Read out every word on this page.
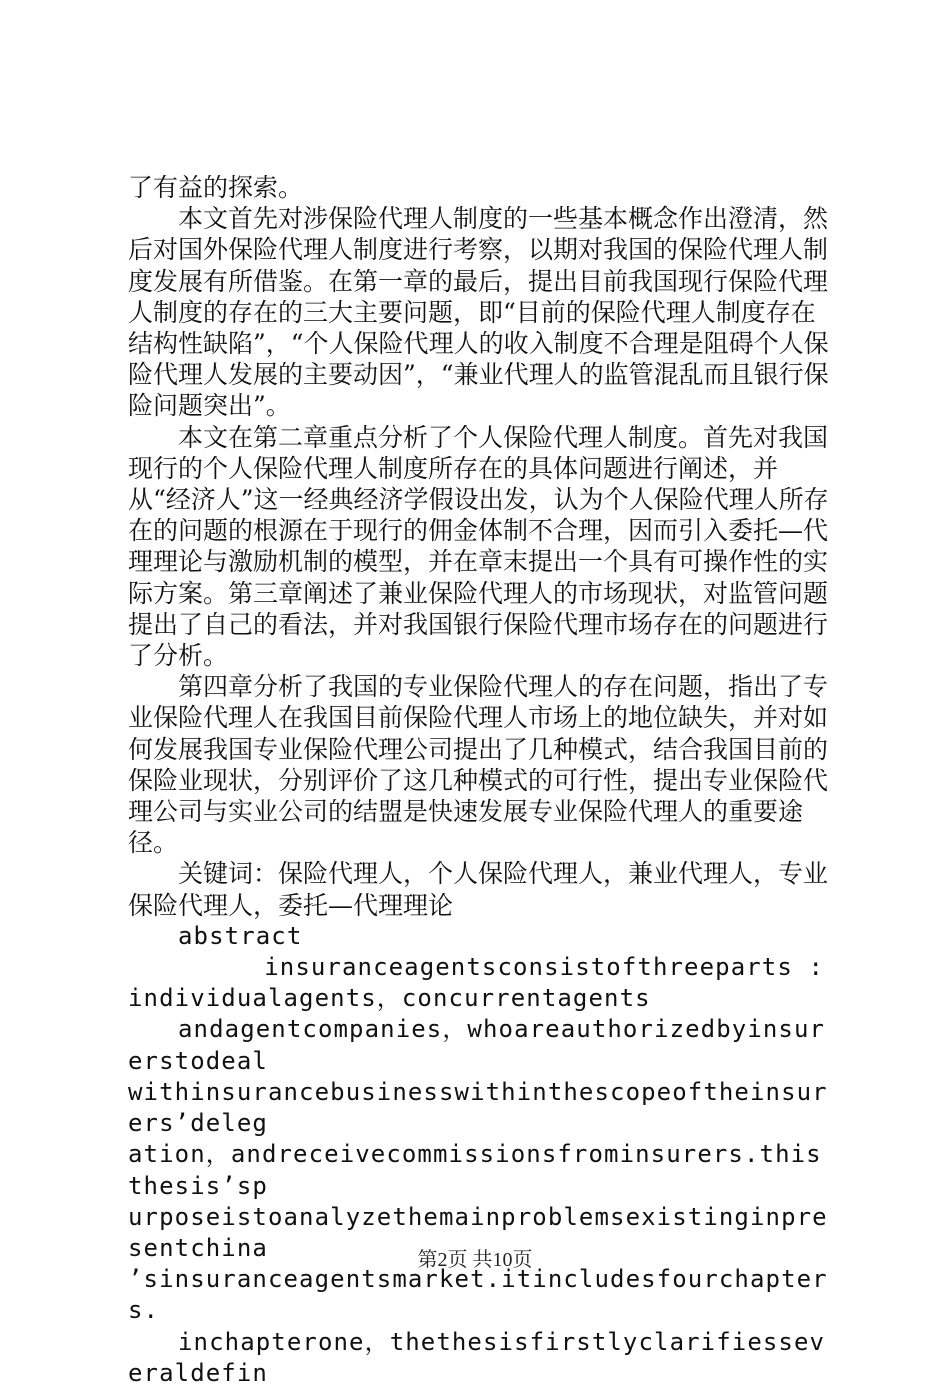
了有益的探索。

本文首先对涉保险代理人制度的一些基本概念作出澄清，然后对国外保险代理人制度进行考察，以期对我国的保险代理人制度发展有所借鉴。在第一章的最后，提出目前我国现行保险代理人制度的存在的三大主要问题，即“目前的保险代理人制度存在结构性缺陷”，“个人保险代理人的收入制度不合理是阻碍个人保险代理人发展的主要动因”，“兼业代理人的监管混乱而且银行保险问题突出”。

本文在第二章重点分析了个人保险代理人制度。首先对我国现行的个人保险代理人制度所存在的具体问题进行阐述，并从“经济人”这一经典经济学假设出发，认为个人保险代理人所存在的问题的根源在于现行的佣金体制不合理，因而引入委托—代理理论与激励机制的模型，并在章末提出一个具有可操作性的实际方案。第三章阐述了兼业保险代理人的市场现状，对监管问题提出了自己的看法，并对我国银行保险代理市场存在的问题进行了分析。

第四章分析了我国的专业保险代理人的存在问题，指出了专业保险代理人在我国目前保险代理人市场上的地位缺失，并对如何发展我国专业保险代理公司提出了几种模式，结合我国目前的保险业现状，分别评价了这几种模式的可行性，提出专业保险代理公司与实业公司的结盟是快速发展专业保险代理人的重要途径。

关键词：保险代理人，个人保险代理人，兼业代理人，专业保险代理人，委托—代理理论

abstract

insuranceagentsconsistofthreeparts :

individualagents，concurrentagents

andagentcompanies，whoareauthorizedbyinsurerstodeal

withinsurancebusinesswithinthescopeoftheinsurers’deleg

ation，andreceivecommissionsfrominsurers.thisthesis’sp

urposeistoanalyzethemainproblemsexistinginpresentchina

’sinsuranceagentsmarket.itincludesfourchapters.

inchapterone，thethesisfirstlyclarifiesseveraldefin

第2页 共10页
